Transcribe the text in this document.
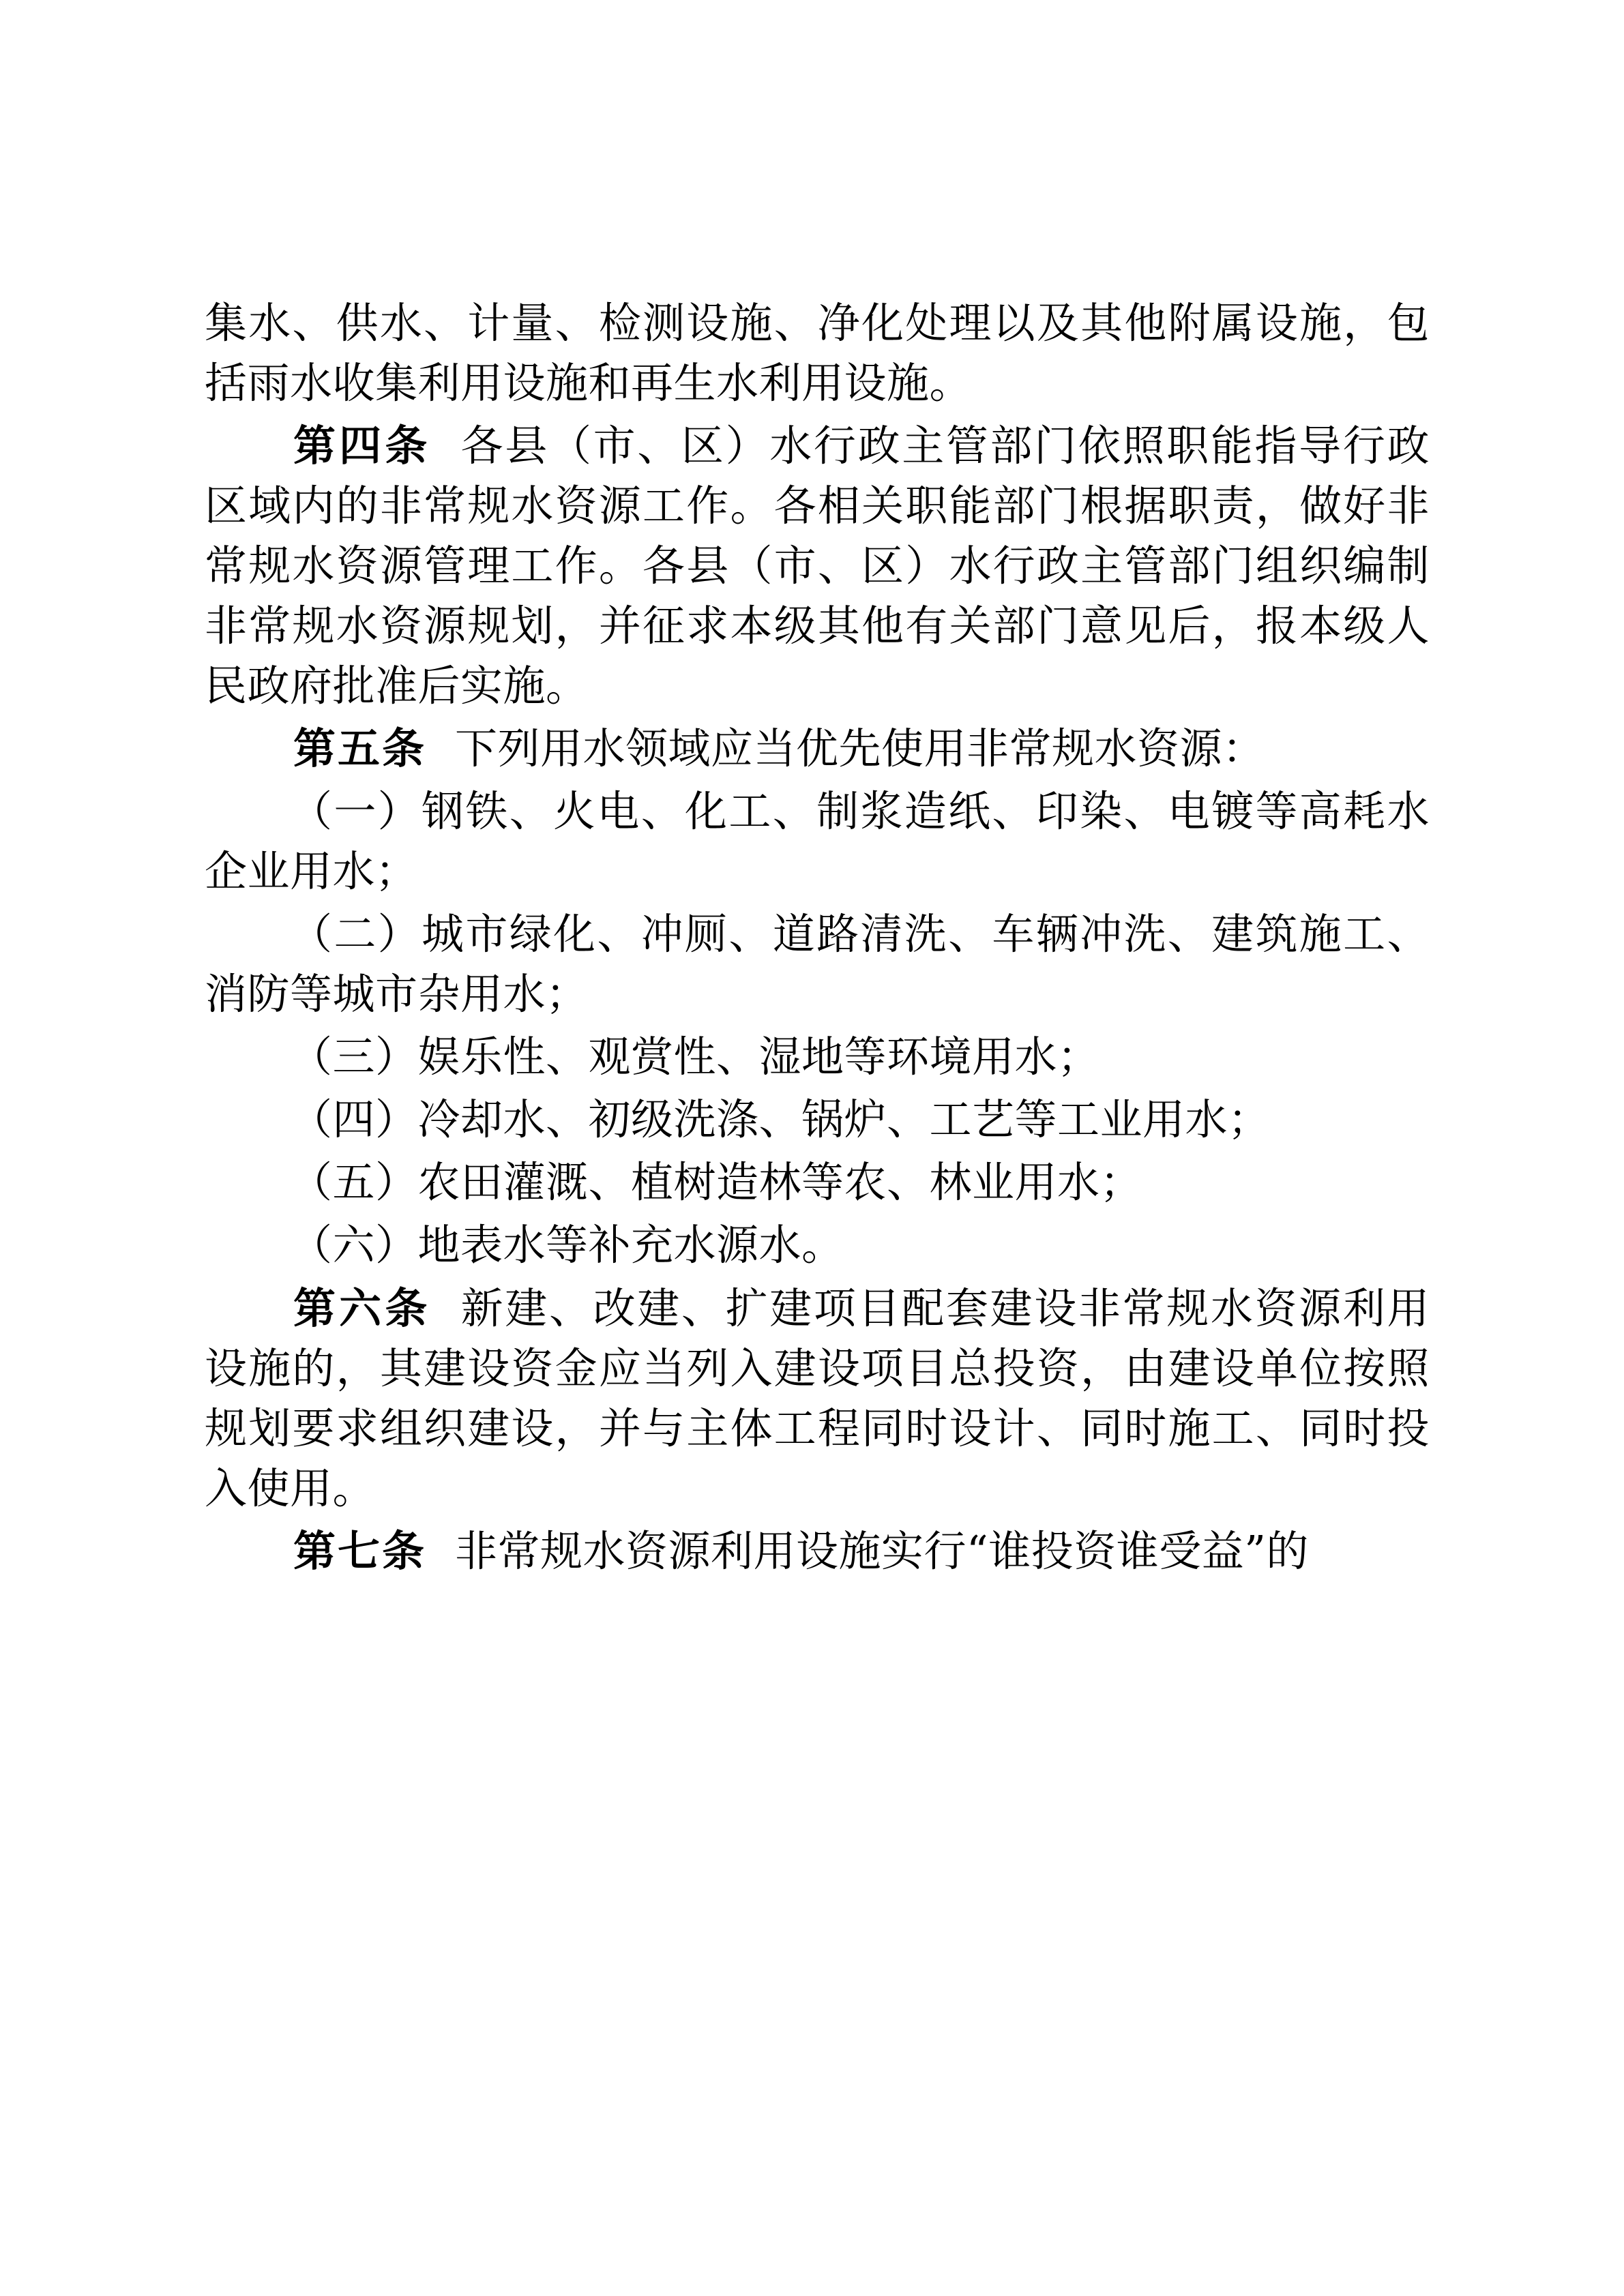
集水、供水、计量、检测设施、净化处理以及其他附属设施，包括雨水收集利用设施和再生水利用设施。

第四条 各县（市、区）水行政主管部门依照职能指导行政区域内的非常规水资源工作。各相关职能部门根据职责，做好非常规水资源管理工作。各县（市、区）水行政主管部门组织编制非常规水资源规划，并征求本级其他有关部门意见后，报本级人民政府批准后实施。

第五条 下列用水领域应当优先使用非常规水资源：

（一）钢铁、火电、化工、制浆造纸、印染、电镀等高耗水企业用水；

（二）城市绿化、冲厕、道路清洗、车辆冲洗、建筑施工、消防等城市杂用水；

（三）娱乐性、观赏性、湿地等环境用水；

（四）冷却水、初级洗涤、锅炉、工艺等工业用水；

（五）农田灌溉、植树造林等农、林业用水；

（六）地表水等补充水源水。

第六条 新建、改建、扩建项目配套建设非常规水资源利用设施的，其建设资金应当列入建设项目总投资，由建设单位按照规划要求组织建设，并与主体工程同时设计、同时施工、同时投入使用。

第七条 非常规水资源利用设施实行“谁投资谁受益”的
